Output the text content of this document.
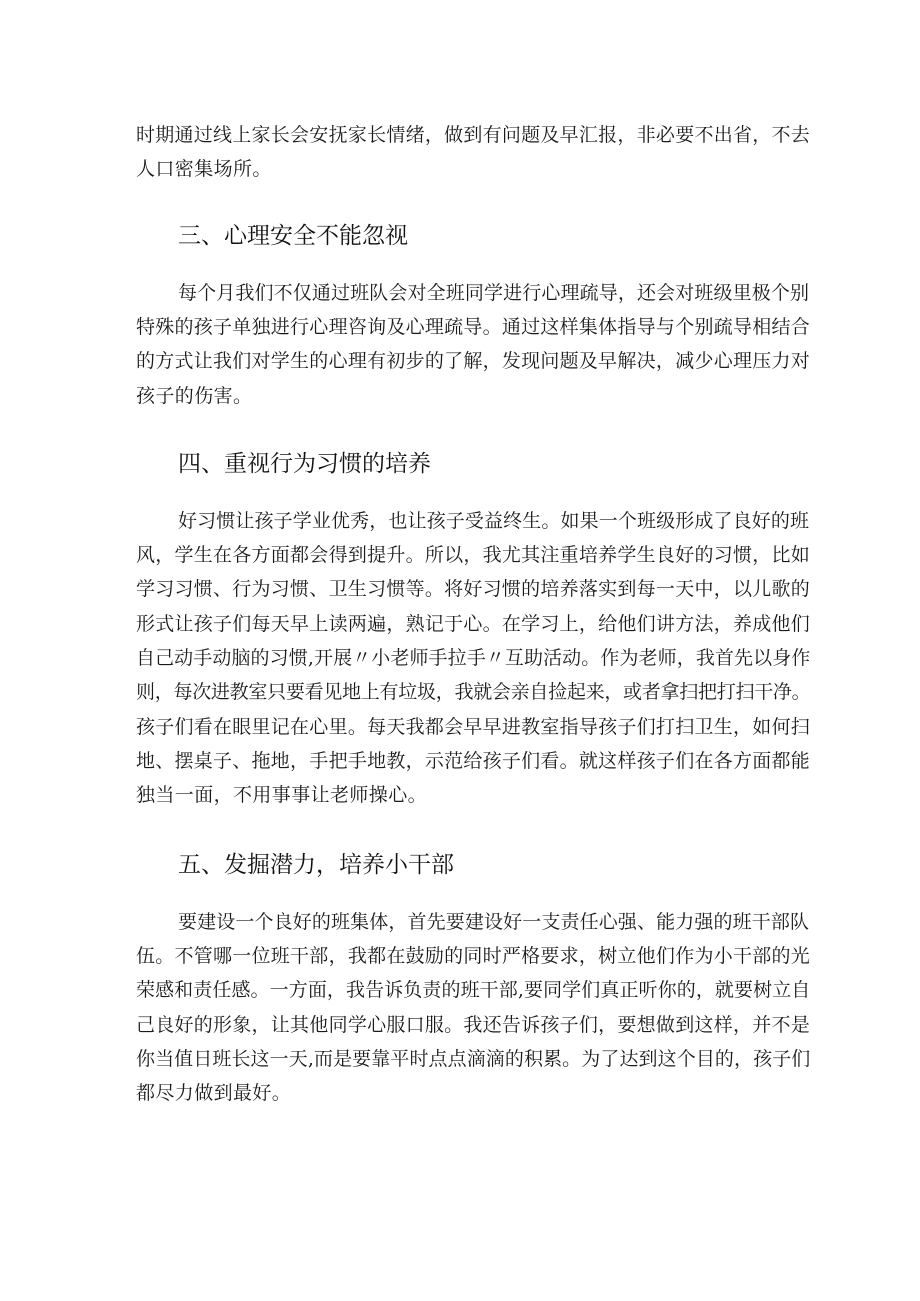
时期通过线上家长会安抚家长情绪，做到有问题及早汇报，非必要不出省，不去
人口密集场所。
三、心理安全不能忽视
每个月我们不仅通过班队会对全班同学进行心理疏导，还会对班级里极个别
特殊的孩子单独进行心理咨询及心理疏导。通过这样集体指导与个别疏导相结合
的方式让我们对学生的心理有初步的了解，发现问题及早解决，减少心理压力对
孩子的伤害。
四、重视行为习惯的培养
好习惯让孩子学业优秀，也让孩子受益终生。如果一个班级形成了良好的班
风，学生在各方面都会得到提升。所以，我尤其注重培养学生良好的习惯，比如
学习习惯、行为习惯、卫生习惯等。将好习惯的培养落实到每一天中，以儿歌的
形式让孩子们每天早上读两遍，熟记于心。在学习上，给他们讲方法，养成他们
自己动手动脑的习惯,开展〃小老师手拉手〃互助活动。作为老师，我首先以身作
则，每次进教室只要看见地上有垃圾，我就会亲自捡起来，或者拿扫把打扫干净。
孩子们看在眼里记在心里。每天我都会早早进教室指导孩子们打扫卫生，如何扫
地、摆桌子、拖地，手把手地教，示范给孩子们看。就这样孩子们在各方面都能
独当一面，不用事事让老师操心。
五、发掘潜力，培养小干部
要建设一个良好的班集体，首先要建设好一支责任心强、能力强的班干部队
伍。不管哪一位班干部，我都在鼓励的同时严格要求，树立他们作为小干部的光
荣感和责任感。一方面，我告诉负责的班干部,要同学们真正听你的，就要树立自
己良好的形象，让其他同学心服口服。我还告诉孩子们，要想做到这样，并不是
你当值日班长这一天,而是要靠平时点点滴滴的积累。为了达到这个目的，孩子们
都尽力做到最好。
